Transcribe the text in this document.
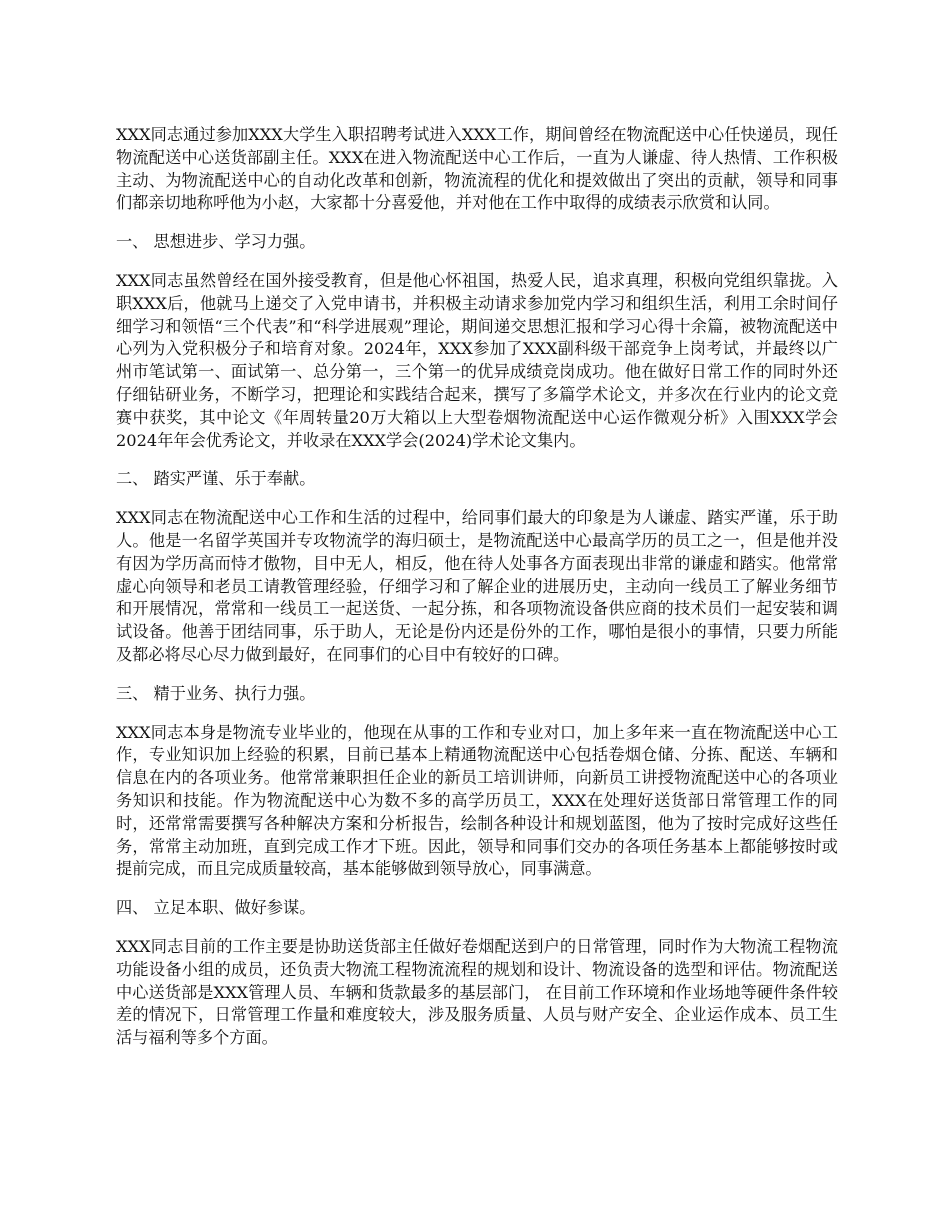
XXX同志通过参加XXX大学生入职招聘考试进入XXX工作，期间曾经在物流配送中心任快递员，现任物流配送中心送货部副主任。XXX在进入物流配送中心工作后，一直为人谦虚、待人热情、工作积极主动、为物流配送中心的自动化改革和创新，物流流程的优化和提效做出了突出的贡献，领导和同事们都亲切地称呼他为小赵，大家都十分喜爱他，并对他在工作中取得的成绩表示欣赏和认同。

一、 思想进步、学习力强。

XXX同志虽然曾经在国外接受教育，但是他心怀祖国，热爱人民，追求真理，积极向党组织靠拢。入职XXX后，他就马上递交了入党申请书，并积极主动请求参加党内学习和组织生活，利用工余时间仔细学习和领悟“三个代表”和“科学进展观”理论，期间递交思想汇报和学习心得十余篇，被物流配送中心列为入党积极分子和培育对象。2024年，XXX参加了XXX副科级干部竞争上岗考试，并最终以广州市笔试第一、面试第一、总分第一，三个第一的优异成绩竞岗成功。他在做好日常工作的同时外还仔细钻研业务，不断学习，把理论和实践结合起来，撰写了多篇学术论文，并多次在行业内的论文竞赛中获奖，其中论文《年周转量20万大箱以上大型卷烟物流配送中心运作微观分析》入围XXX学会2024年年会优秀论文，并收录在XXX学会(2024)学术论文集内。

二、 踏实严谨、乐于奉献。

XXX同志在物流配送中心工作和生活的过程中，给同事们最大的印象是为人谦虚、踏实严谨，乐于助人。他是一名留学英国并专攻物流学的海归硕士，是物流配送中心最高学历的员工之一，但是他并没有因为学历高而恃才傲物，目中无人，相反，他在待人处事各方面表现出非常的谦虚和踏实。他常常虚心向领导和老员工请教管理经验，仔细学习和了解企业的进展历史，主动向一线员工了解业务细节和开展情况，常常和一线员工一起送货、一起分拣，和各项物流设备供应商的技术员们一起安装和调试设备。他善于团结同事，乐于助人，无论是份内还是份外的工作，哪怕是很小的事情，只要力所能及都必将尽心尽力做到最好，在同事们的心目中有较好的口碑。

三、 精于业务、执行力强。

XXX同志本身是物流专业毕业的，他现在从事的工作和专业对口，加上多年来一直在物流配送中心工作，专业知识加上经验的积累，目前已基本上精通物流配送中心包括卷烟仓储、分拣、配送、车辆和信息在内的各项业务。他常常兼职担任企业的新员工培训讲师，向新员工讲授物流配送中心的各项业务知识和技能。作为物流配送中心为数不多的高学历员工，XXX在处理好送货部日常管理工作的同时，还常常需要撰写各种解决方案和分析报告，绘制各种设计和规划蓝图，他为了按时完成好这些任务，常常主动加班，直到完成工作才下班。因此，领导和同事们交办的各项任务基本上都能够按时或提前完成，而且完成质量较高，基本能够做到领导放心，同事满意。

四、 立足本职、做好参谋。

XXX同志目前的工作主要是协助送货部主任做好卷烟配送到户的日常管理，同时作为大物流工程物流功能设备小组的成员，还负责大物流工程物流流程的规划和设计、物流设备的选型和评估。物流配送中心送货部是XXX管理人员、车辆和货款最多的基层部门， 在目前工作环境和作业场地等硬件条件较差的情况下，日常管理工作量和难度较大，涉及服务质量、人员与财产安全、企业运作成本、员工生活与福利等多个方面。
